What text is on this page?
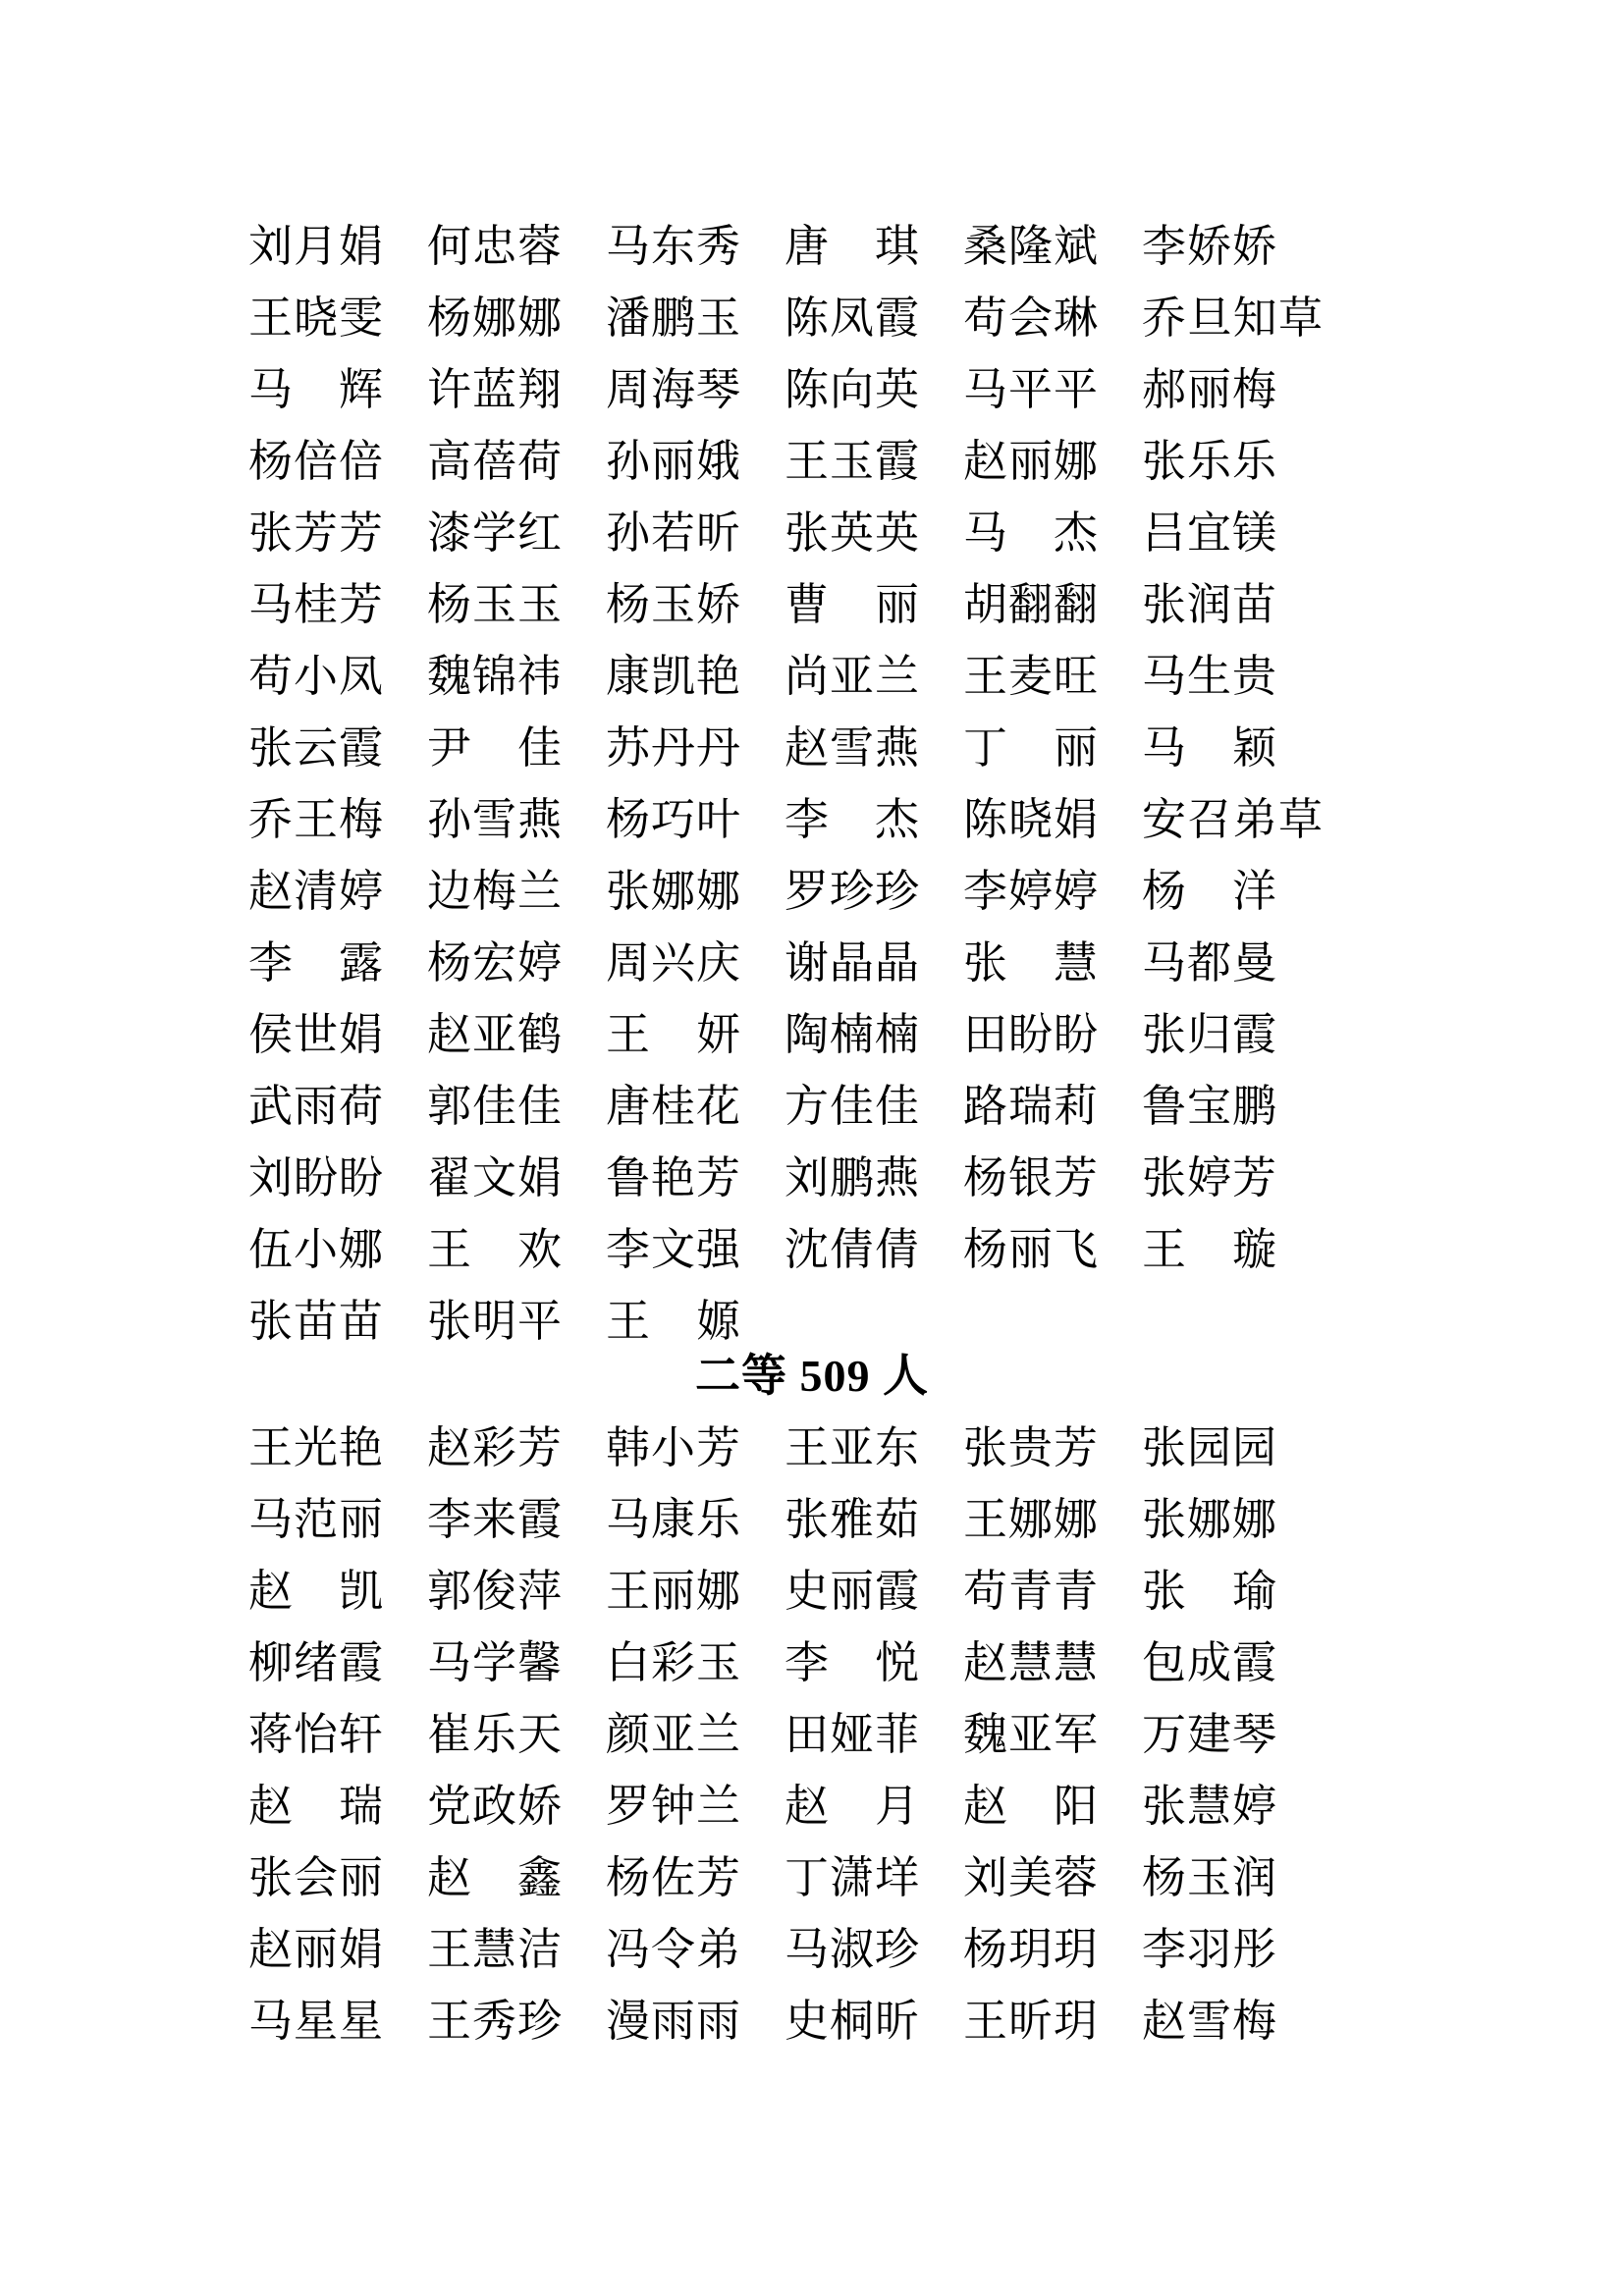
刘 月 娟 何 忠 蓉 马 东 秀 唐 琪 桑 隆 斌 李 娇 娇
王 晓 雯 杨 娜 娜 潘 鹏 玉 陈 凤 霞 苟 会 琳 乔 旦 知 草
马 辉 许 蓝 翔 周 海 琴 陈 向 英 马 平 平 郝 丽 梅
杨 倍 倍 高 蓓 荷 孙 丽 娥 王 玉 霞 赵 丽 娜 张 乐 乐
张 芳 芳 漆 学 红 孙 若 昕 张 英 英 马 杰 吕 宜 镁
马 桂 芳 杨 玉 玉 杨 玉 娇 曹 丽 胡 翻 翻 张 润 苗
苟 小 凤 魏 锦 祎 康 凯 艳 尚 亚 兰 王 麦 旺 马 生 贵
张 云 霞 尹 佳 苏 丹 丹 赵 雪 燕 丁 丽 马 颖
乔 王 梅 孙 雪 燕 杨 巧 叶 李 杰 陈 晓 娟 安 召 弟 草
赵 清 婷 边 梅 兰 张 娜 娜 罗 珍 珍 李 婷 婷 杨 洋
李 露 杨 宏 婷 周 兴 庆 谢 晶 晶 张 慧 马 都 曼
侯 世 娟 赵 亚 鹤 王 妍 陶 楠 楠 田 盼 盼 张 归 霞
武 雨 荷 郭 佳 佳 唐 桂 花 方 佳 佳 路 瑞 莉 鲁 宝 鹏
刘 盼 盼 翟 文 娟 鲁 艳 芳 刘 鹏 燕 杨 银 芳 张 婷 芳
伍 小 娜 王 欢 李 文 强 沈 倩 倩 杨 丽 飞 王 璇
张 苗 苗 张 明 平 王 嫄
二等 509 人
王 光 艳 赵 彩 芳 韩 小 芳 王 亚 东 张 贵 芳 张 园 园
马 范 丽 李 来 霞 马 康 乐 张 雅 茹 王 娜 娜 张 娜 娜
赵 凯 郭 俊 萍 王 丽 娜 史 丽 霞 苟 青 青 张 瑜
柳 绪 霞 马 学 馨 白 彩 玉 李 悦 赵 慧 慧 包 成 霞
蒋 怡 轩 崔 乐 天 颜 亚 兰 田 娅 菲 魏 亚 军 万 建 琴
赵 瑞 党 政 娇 罗 钟 兰 赵 月 赵 阳 张 慧 婷
张 会 丽 赵 鑫 杨 佐 芳 丁 潇 垟 刘 美 蓉 杨 玉 润
赵 丽 娟 王 慧 洁 冯 令 弟 马 淑 珍 杨 玥 玥 李 羽 彤
马 星 星 王 秀 珍 漫 雨 雨 史 桐 昕 王 昕 玥 赵 雪 梅
